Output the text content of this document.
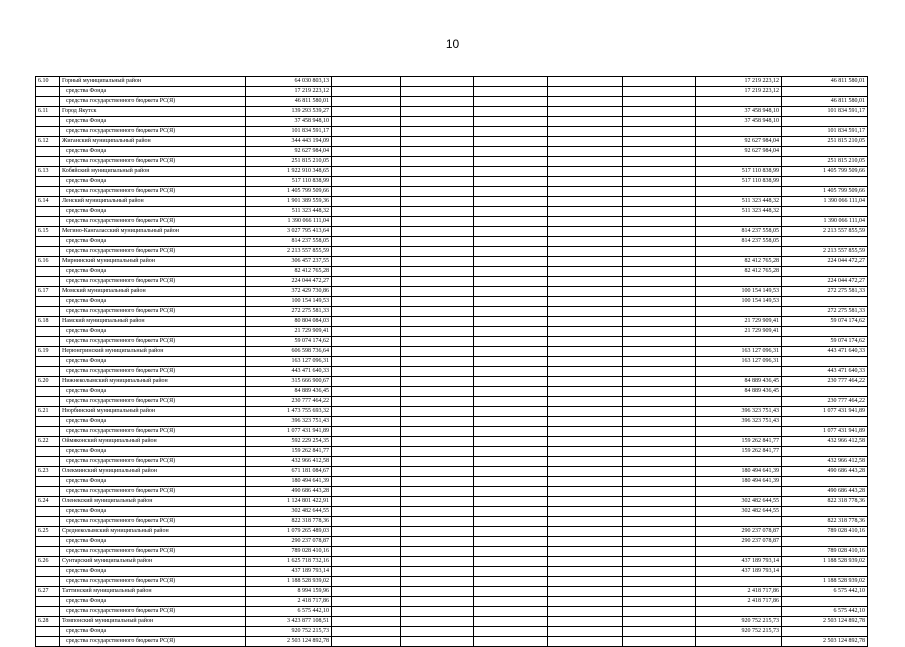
10
6.10	Горный муниципальный район	64 030 803,13						17 219 223,12	46 811 580,01
	средства Фонда	17 219 223,12						17 219 223,12	
	средства государственного бюджета РС(Я)	46 811 580,01							46 811 580,01
6.11	Город Якутск	139 293 539,27						37 458 948,10	101 834 591,17
	средства Фонда	37 458 948,10						37 458 948,10	
	средства государственного бюджета РС(Я)	101 834 591,17							101 834 591,17
6.12	Жиганский муниципальный район	344 443 194,09						92 627 984,04	251 815 210,05
	средства Фонда	92 627 984,04						92 627 984,04	
	средства государственного бюджета РС(Я)	251 815 210,05							251 815 210,05
6.13	Кобяйский муниципальный район	1 922 910 348,65						517 110 838,99	1 405 799 509,66
	средства Фонда	517 110 838,99						517 110 838,99	
	средства государственного бюджета РС(Я)	1 405 799 509,66							1 405 799 509,66
6.14	Ленский муниципальный район	1 901 389 559,36						511 323 448,32	1 390 066 111,04
	средства Фонда	511 323 448,32						511 323 448,32	
	средства государственного бюджета РС(Я)	1 390 066 111,04							1 390 066 111,04
6.15	Мегино-Кангаласский муниципальный район	3 027 795 413,64						814 237 558,05	2 213 557 855,59
	средства Фонда	814 237 558,05						814 237 558,05	
	средства государственного бюджета РС(Я)	2 213 557 855,59							2 213 557 855,59
6.16	Мирнинский муниципальный район	306 457 237,55						82 412 765,28	224 044 472,27
	средства Фонда	82 412 765,28						82 412 765,28	
	средства государственного бюджета РС(Я)	224 044 472,27							224 044 472,27
6.17	Момский муниципальный район	372 429 730,86						100 154 149,53	272 275 581,33
	средства Фонда	100 154 149,53						100 154 149,53	
	средства государственного бюджета РС(Я)	272 275 581,33							272 275 581,33
6.18	Намский муниципальный район	80 804 084,03						21 729 909,41	59 074 174,62
	средства Фонда	21 729 909,41						21 729 909,41	
	средства государственного бюджета РС(Я)	59 074 174,62							59 074 174,62
6.19	Нерюнгринский муниципальный район	606 598 736,64						163 127 096,31	443 471 640,33
	средства Фонда	163 127 096,31						163 127 096,31	
	средства государственного бюджета РС(Я)	443 471 640,33							443 471 640,33
6.20	Нижнеколымский муниципальный район	315 666 900,67						84 889 436,45	230 777 464,22
	средства Фонда	84 889 436,45						84 889 436,45	
	средства государственного бюджета РС(Я)	230 777 464,22							230 777 464,22
6.21	Нюрбинский муниципальный район	1 473 755 693,32						396 323 751,43	1 077 431 941,89
	средства Фонда	396 323 751,43						396 323 751,43	
	средства государственного бюджета РС(Я)	1 077 431 941,89							1 077 431 941,89
6.22	Оймяконский муниципальный район	592 229 254,35						159 262 841,77	432 966 412,58
	средства Фонда	159 262 841,77						159 262 841,77	
	средства государственного бюджета РС(Я)	432 966 412,58							432 966 412,58
6.23	Олекминский муниципальный район	671 181 084,67						180 494 641,39	490 686 443,28
	средства Фонда	180 494 641,39						180 494 641,39	
	средства государственного бюджета РС(Я)	490 686 443,28							490 686 443,28
6.24	Оленекский муниципальный район	1 124 801 422,91						302 482 644,55	822 318 778,36
	средства Фонда	302 482 644,55						302 482 644,55	
	средства государственного бюджета РС(Я)	822 318 778,36							822 318 778,36
6.25	Среднеколымский муниципальный район	1 079 265 489,03						290 237 078,87	789 028 410,16
	средства Фонда	290 237 078,87						290 237 078,87	
	средства государственного бюджета РС(Я)	789 028 410,16							789 028 410,16
6.26	Сунтарский муниципальный район	1 625 718 732,16						437 189 793,14	1 188 528 939,02
	средства Фонда	437 189 793,14						437 189 793,14	
	средства государственного бюджета РС(Я)	1 188 528 939,02							1 188 528 939,02
6.27	Таттинский муниципальный район	8 994 159,96						2 418 717,86	6 575 442,10
	средства Фонда	2 418 717,86						2 418 717,86	
	средства государственного бюджета РС(Я)	6 575 442,10							6 575 442,10
6.28	Томпонский муниципальный район	3 423 877 108,51						920 752 215,73	2 503 124 892,78
	средства Фонда	920 752 215,73						920 752 215,73	
	средства государственного бюджета РС(Я)	2 503 124 892,78							2 503 124 892,78
